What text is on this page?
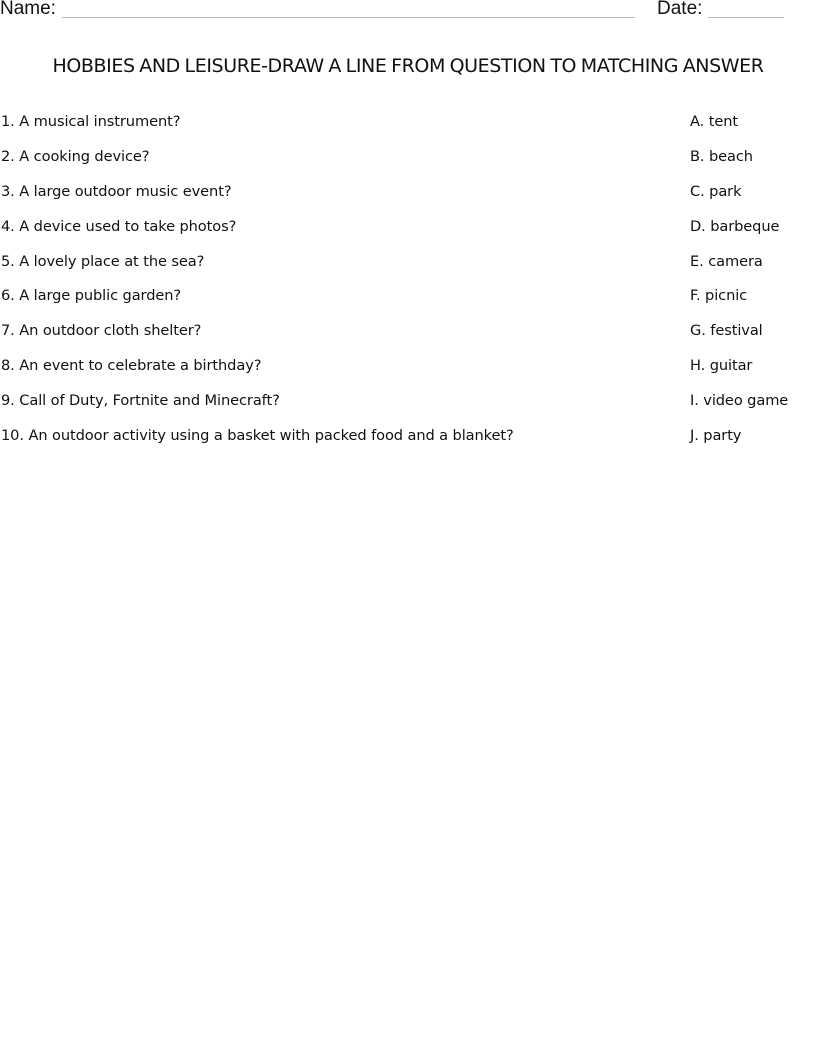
Name:	Date:
HOBBIES AND LEISURE-DRAW A LINE FROM QUESTION TO MATCHING ANSWER
1. A musical instrument?
2. A cooking device?
3. A large outdoor music event?
4. A device used to take photos?
5. A lovely place at the sea?
6. A large public garden?
7. An outdoor cloth shelter?
8. An event to celebrate a birthday?
9. Call of Duty, Fortnite and Minecraft?
10. An outdoor activity using a basket with packed food and a blanket?
A. tent
B. beach
C. park
D. barbeque
E. camera
F. picnic
G. festival
H. guitar
I. video game
J. party
